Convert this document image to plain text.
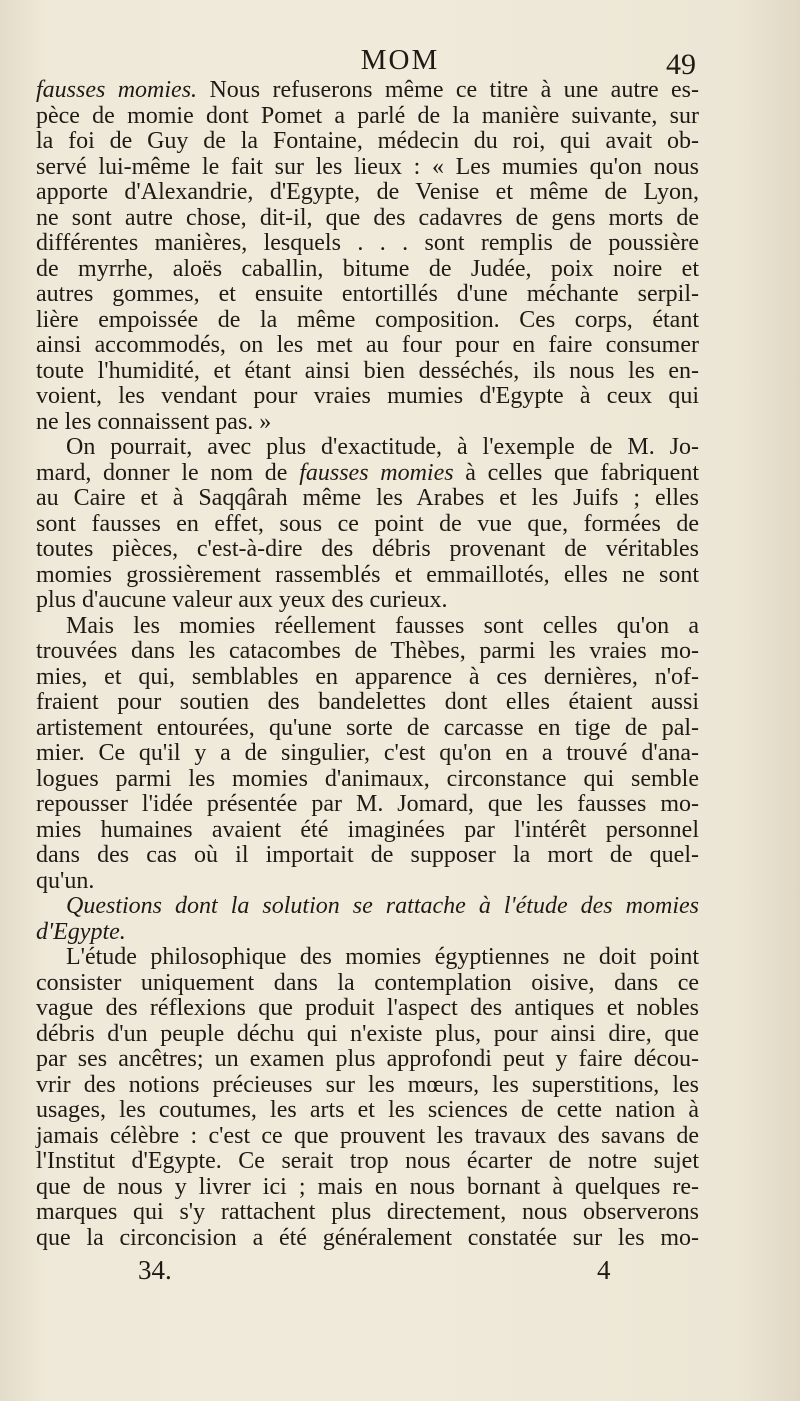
MOM	49
fausses momies. Nous refuserons même ce titre à une autre es-
pèce de momie dont Pomet a parlé de la manière suivante, sur
la foi de Guy de la Fontaine, médecin du roi, qui avait ob-
servé lui-même le fait sur les lieux : « Les mumies qu'on nous
apporte d'Alexandrie, d'Egypte, de Venise et même de Lyon,
ne sont autre chose, dit-il, que des cadavres de gens morts de
différentes manières, lesquels . . . sont remplis de poussière
de myrrhe, aloës caballin, bitume de Judée, poix noire et
autres gommes, et ensuite entortillés d'une méchante serpil-
lière empoissée de la même composition. Ces corps, étant
ainsi accommodés, on les met au four pour en faire consumer
toute l'humidité, et étant ainsi bien desséchés, ils nous les en-
voient, les vendant pour vraies mumies d'Egypte à ceux qui
ne les connaissent pas. »
On pourrait, avec plus d'exactitude, à l'exemple de M. Jo-
mard, donner le nom de fausses momies à celles que fabriquent
au Caire et à Saqqârah même les Arabes et les Juifs ; elles
sont fausses en effet, sous ce point de vue que, formées de
toutes pièces, c'est-à-dire des débris provenant de véritables
momies grossièrement rassemblés et emmaillotés, elles ne sont
plus d'aucune valeur aux yeux des curieux.
Mais les momies réellement fausses sont celles qu'on a
trouvées dans les catacombes de Thèbes, parmi les vraies mo-
mies, et qui, semblables en apparence à ces dernières, n'of-
fraient pour soutien des bandelettes dont elles étaient aussi
artistement entourées, qu'une sorte de carcasse en tige de pal-
mier. Ce qu'il y a de singulier, c'est qu'on en a trouvé d'ana-
logues parmi les momies d'animaux, circonstance qui semble
repousser l'idée présentée par M. Jomard, que les fausses mo-
mies humaines avaient été imaginées par l'intérêt personnel
dans des cas où il importait de supposer la mort de quel-
qu'un.
Questions dont la solution se rattache à l'étude des momies
d'Egypte.
L'étude philosophique des momies égyptiennes ne doit point
consister uniquement dans la contemplation oisive, dans ce
vague des réflexions que produit l'aspect des antiques et nobles
débris d'un peuple déchu qui n'existe plus, pour ainsi dire, que
par ses ancêtres; un examen plus approfondi peut y faire décou-
vrir des notions précieuses sur les mœurs, les superstitions, les
usages, les coutumes, les arts et les sciences de cette nation à
jamais célèbre : c'est ce que prouvent les travaux des savans de
l'Institut d'Egypte. Ce serait trop nous écarter de notre sujet
que de nous y livrer ici ; mais en nous bornant à quelques re-
marques qui s'y rattachent plus directement, nous observerons
que la circoncision a été généralement constatée sur les mo-
34.	4
